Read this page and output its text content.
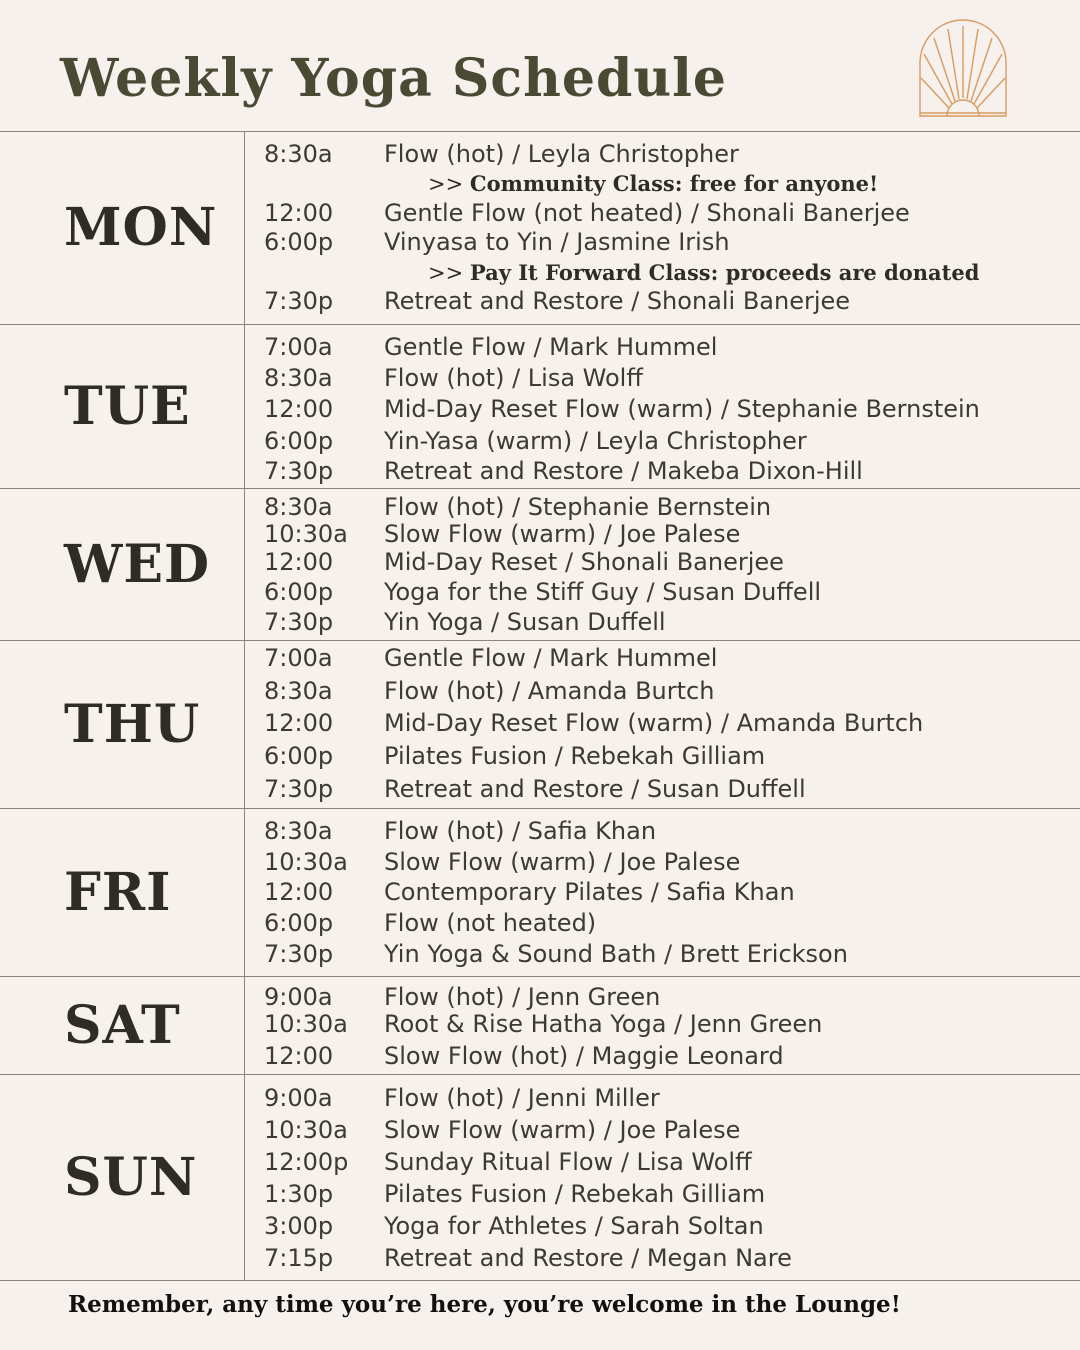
Weekly Yoga Schedule
MON
8:30a Flow (hot) / Leyla Christopher
>> Community Class: free for anyone!
12:00 Gentle Flow (not heated) / Shonali Banerjee
6:00p Vinyasa to Yin / Jasmine Irish
>> Pay It Forward Class: proceeds are donated
7:30p Retreat and Restore / Shonali Banerjee
TUE
7:00a Gentle Flow / Mark Hummel
8:30a Flow (hot) / Lisa Wolff
12:00 Mid-Day Reset Flow (warm) / Stephanie Bernstein
6:00p Yin-Yasa (warm) / Leyla Christopher
7:30p Retreat and Restore / Makeba Dixon-Hill
WED
8:30a Flow (hot) / Stephanie Bernstein
10:30a Slow Flow (warm) / Joe Palese
12:00 Mid-Day Reset / Shonali Banerjee
6:00p Yoga for the Stiff Guy / Susan Duffell
7:30p Yin Yoga / Susan Duffell
THU
7:00a Gentle Flow / Mark Hummel
8:30a Flow (hot) / Amanda Burtch
12:00 Mid-Day Reset Flow (warm) / Amanda Burtch
6:00p Pilates Fusion / Rebekah Gilliam
7:30p Retreat and Restore / Susan Duffell
FRI
8:30a Flow (hot) / Safia Khan
10:30a Slow Flow (warm) / Joe Palese
12:00 Contemporary Pilates / Safia Khan
6:00p Flow (not heated)
7:30p Yin Yoga & Sound Bath / Brett Erickson
SAT	9:00a Flow (hot) / Jenn Green
10:30a Root & Rise Hatha Yoga / Jenn Green
12:00 Slow Flow (hot) / Maggie Leonard
SUN
9:00a Flow (hot) / Jenni Miller
10:30a Slow Flow (warm) / Joe Palese
12:00p Sunday Ritual Flow / Lisa Wolff
1:30p Pilates Fusion / Rebekah Gilliam
3:00p Yoga for Athletes / Sarah Soltan
7:15p Retreat and Restore / Megan Nare
Remember, any time you’re here, you’re welcome in the Lounge!
